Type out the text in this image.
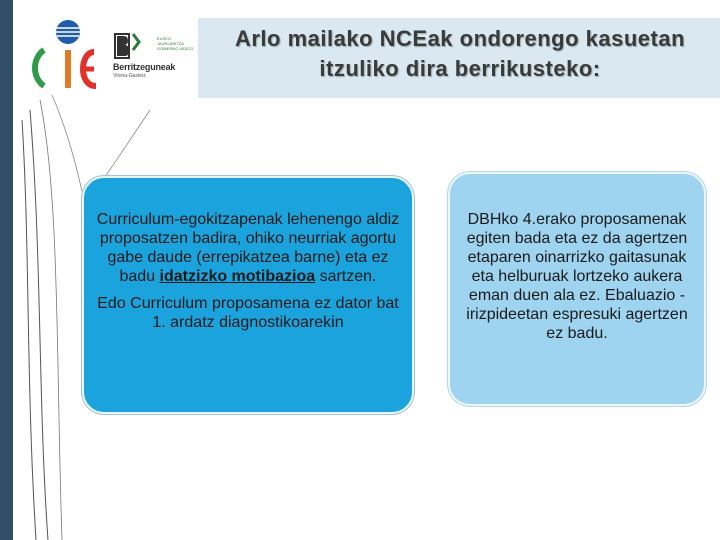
EUSKO JAURLARITZA GOBIERNO VASCO
Berritzeguneak
Vitoria-Gasteiz
Arlo mailako NCEak ondorengo kasuetan
itzuliko dira berrikusteko:

Curriculum-egokitzapenak lehenengo aldiz proposatzen badira, ohiko neurriak agortu gabe daude (errepikatzea barne) eta ez badu idatzizko motibazioa sartzen.

Edo Curriculum proposamena ez dator bat 1. ardatz diagnostikoarekin

DBHko 4.erako proposamenak egiten bada eta ez da agertzen etaparen oinarrizko gaitasunak eta helburuak lortzeko aukera eman duen ala ez. Ebaluazio -irizpideetan espresuki agertzen ez badu.
